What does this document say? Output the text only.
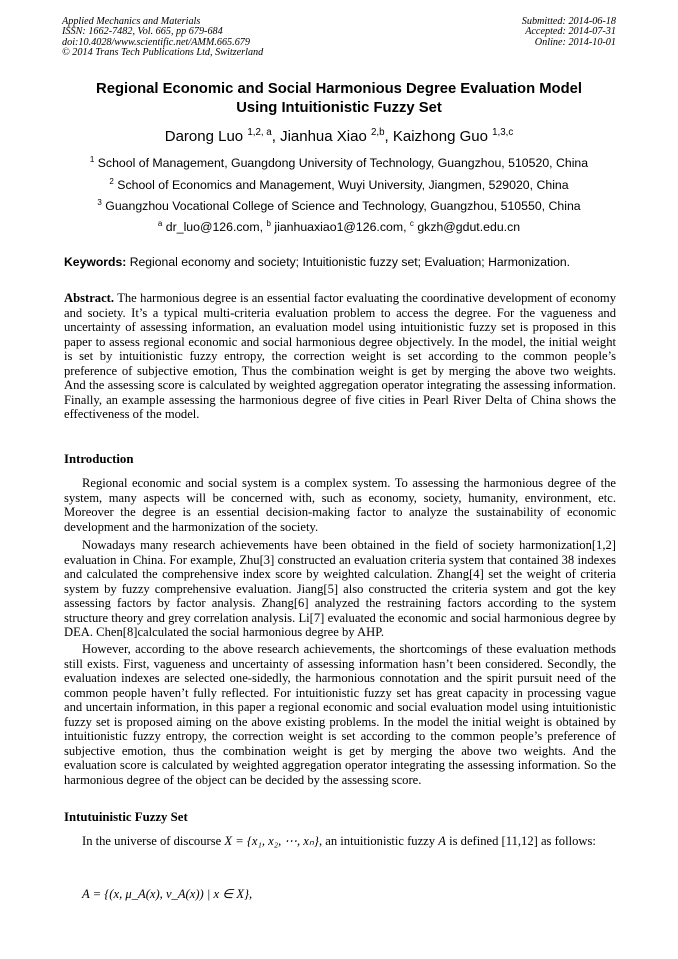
Applied Mechanics and Materials
ISSN: 1662-7482, Vol. 665, pp 679-684
doi:10.4028/www.scientific.net/AMM.665.679
© 2014 Trans Tech Publications Ltd, Switzerland
Submitted: 2014-06-18
Accepted: 2014-07-31
Online: 2014-10-01
Regional Economic and Social Harmonious Degree Evaluation Model
Using Intuitionistic Fuzzy Set
Darong Luo $^{1,2, a}$, Jianhua Xiao $^{2,b}$, Kaizhong Guo $^{1,3,c}$
$^1$ School of Management, Guangdong University of Technology, Guangzhou, 510520, China
$^2$ School of Economics and Management, Wuyi University, Jiangmen, 529020, China
$^3$ Guangzhou Vocational College of Science and Technology, Guangzhou, 510550, China
$^a$ dr_luo@126.com, $^b$ jianhuaxiao1@126.com, $^c$ gkzh@gdut.edu.cn
Keywords: Regional economy and society; Intuitionistic fuzzy set; Evaluation; Harmonization.
Abstract. The harmonious degree is an essential factor evaluating the coordinative development of economy and society. It’s a typical multi-criteria evaluation problem to access the degree. For the vagueness and uncertainty of assessing information, an evaluation model using intuitionistic fuzzy set is proposed in this paper to assess regional economic and social harmonious degree objectively. In the model, the initial weight is set by intuitionistic fuzzy entropy, the correction weight is set according to the common people’s preference of subjective emotion, Thus the combination weight is get by merging the above two weights. And the assessing score is calculated by weighted aggregation operator integrating the assessing information. Finally, an example assessing the harmonious degree of five cities in Pearl River Delta of China shows the effectiveness of the model.
Introduction
Regional economic and social system is a complex system. To assessing the harmonious degree of the system, many aspects will be concerned with, such as economy, society, humanity, environment, etc. Moreover the degree is an essential decision-making factor to analyze the sustainability of economic development and the harmonization of the society.
Nowadays many research achievements have been obtained in the field of society harmonization[1,2] evaluation in China. For example, Zhu[3] constructed an evaluation criteria system that contained 38 indexes and calculated the comprehensive index score by weighted calculation. Zhang[4] set the weight of criteria system by fuzzy comprehensive evaluation. Jiang[5] also constructed the criteria system and got the key assessing factors by factor analysis. Zhang[6] analyzed the restraining factors according to the system structure theory and grey correlation analysis. Li[7] evaluated the economic and social harmonious degree by DEA. Chen[8]calculated the social harmonious degree by AHP.
However, according to the above research achievements, the shortcomings of these evaluation methods still exists. First, vagueness and uncertainty of assessing information hasn’t been considered. Secondly, the evaluation indexes are selected one-sidedly, the harmonious connotation and the spirit pursuit need of the common people haven’t fully reflected. For intuitionistic fuzzy set has great capacity in processing vague and uncertain information, in this paper a regional economic and social evaluation model using intuitionistic fuzzy set is proposed aiming on the above existing problems. In the model the initial weight is obtained by intuitionistic fuzzy entropy, the correction weight is set according to the common people’s preference of subjective emotion, thus the combination weight is get by merging the above two weights. And the evaluation score is calculated by weighted aggregation operator integrating the assessing information. So the harmonious degree of the object can be decided by the assessing score.
Intutuinistic Fuzzy Set
In the universe of discourse X = {x₁, x₂, ⋯, xₙ}, an intuitionistic fuzzy A is defined [11,12] as follows:
A = {(x, μ_A(x), ν_A(x)) | x ∈ X},
